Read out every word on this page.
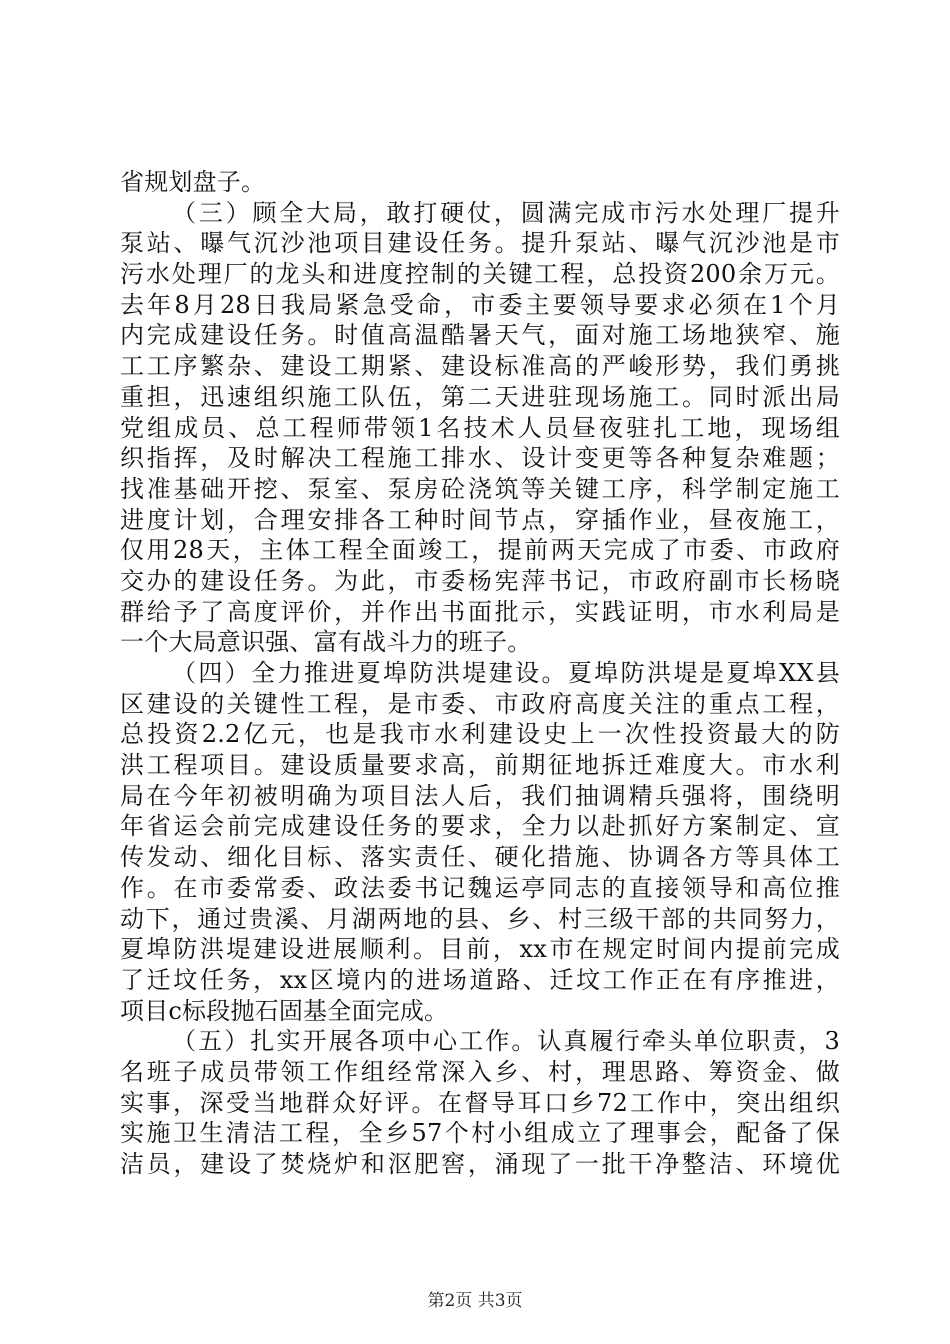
省规划盘子。
（三）顾全大局，敢打硬仗，圆满完成市污水处理厂提升
泵站、曝气沉沙池项目建设任务。提升泵站、曝气沉沙池是市
污水处理厂的龙头和进度控制的关键工程，总投资200余万元。
去年8月28日我局紧急受命，市委主要领导要求必须在1个月
内完成建设任务。时值高温酷暑天气，面对施工场地狭窄、施
工工序繁杂、建设工期紧、建设标准高的严峻形势，我们勇挑
重担，迅速组织施工队伍，第二天进驻现场施工。同时派出局
党组成员、总工程师带领1名技术人员昼夜驻扎工地，现场组
织指挥，及时解决工程施工排水、设计变更等各种复杂难题；
找准基础开挖、泵室、泵房砼浇筑等关键工序，科学制定施工
进度计划，合理安排各工种时间节点，穿插作业，昼夜施工，
仅用28天，主体工程全面竣工，提前两天完成了市委、市政府
交办的建设任务。为此，市委杨宪萍书记，市政府副市长杨晓
群给予了高度评价，并作出书面批示，实践证明，市水利局是
一个大局意识强、富有战斗力的班子。
（四）全力推进夏埠防洪堤建设。夏埠防洪堤是夏埠XX县
区建设的关键性工程，是市委、市政府高度关注的重点工程，
总投资2.2亿元，也是我市水利建设史上一次性投资最大的防
洪工程项目。建设质量要求高，前期征地拆迁难度大。市水利
局在今年初被明确为项目法人后，我们抽调精兵强将，围绕明
年省运会前完成建设任务的要求，全力以赴抓好方案制定、宣
传发动、细化目标、落实责任、硬化措施、协调各方等具体工
作。在市委常委、政法委书记魏运亭同志的直接领导和高位推
动下，通过贵溪、月湖两地的县、乡、村三级干部的共同努力，
夏埠防洪堤建设进展顺利。目前，xx市在规定时间内提前完成
了迁坟任务，xx区境内的进场道路、迁坟工作正在有序推进，
项目c标段抛石固基全面完成。
（五）扎实开展各项中心工作。认真履行牵头单位职责，3
名班子成员带领工作组经常深入乡、村，理思路、筹资金、做
实事，深受当地群众好评。在督导耳口乡72工作中，突出组织
实施卫生清洁工程，全乡57个村小组成立了理事会，配备了保
洁员，建设了焚烧炉和沤肥窖，涌现了一批干净整洁、环境优
第2页 共3页
